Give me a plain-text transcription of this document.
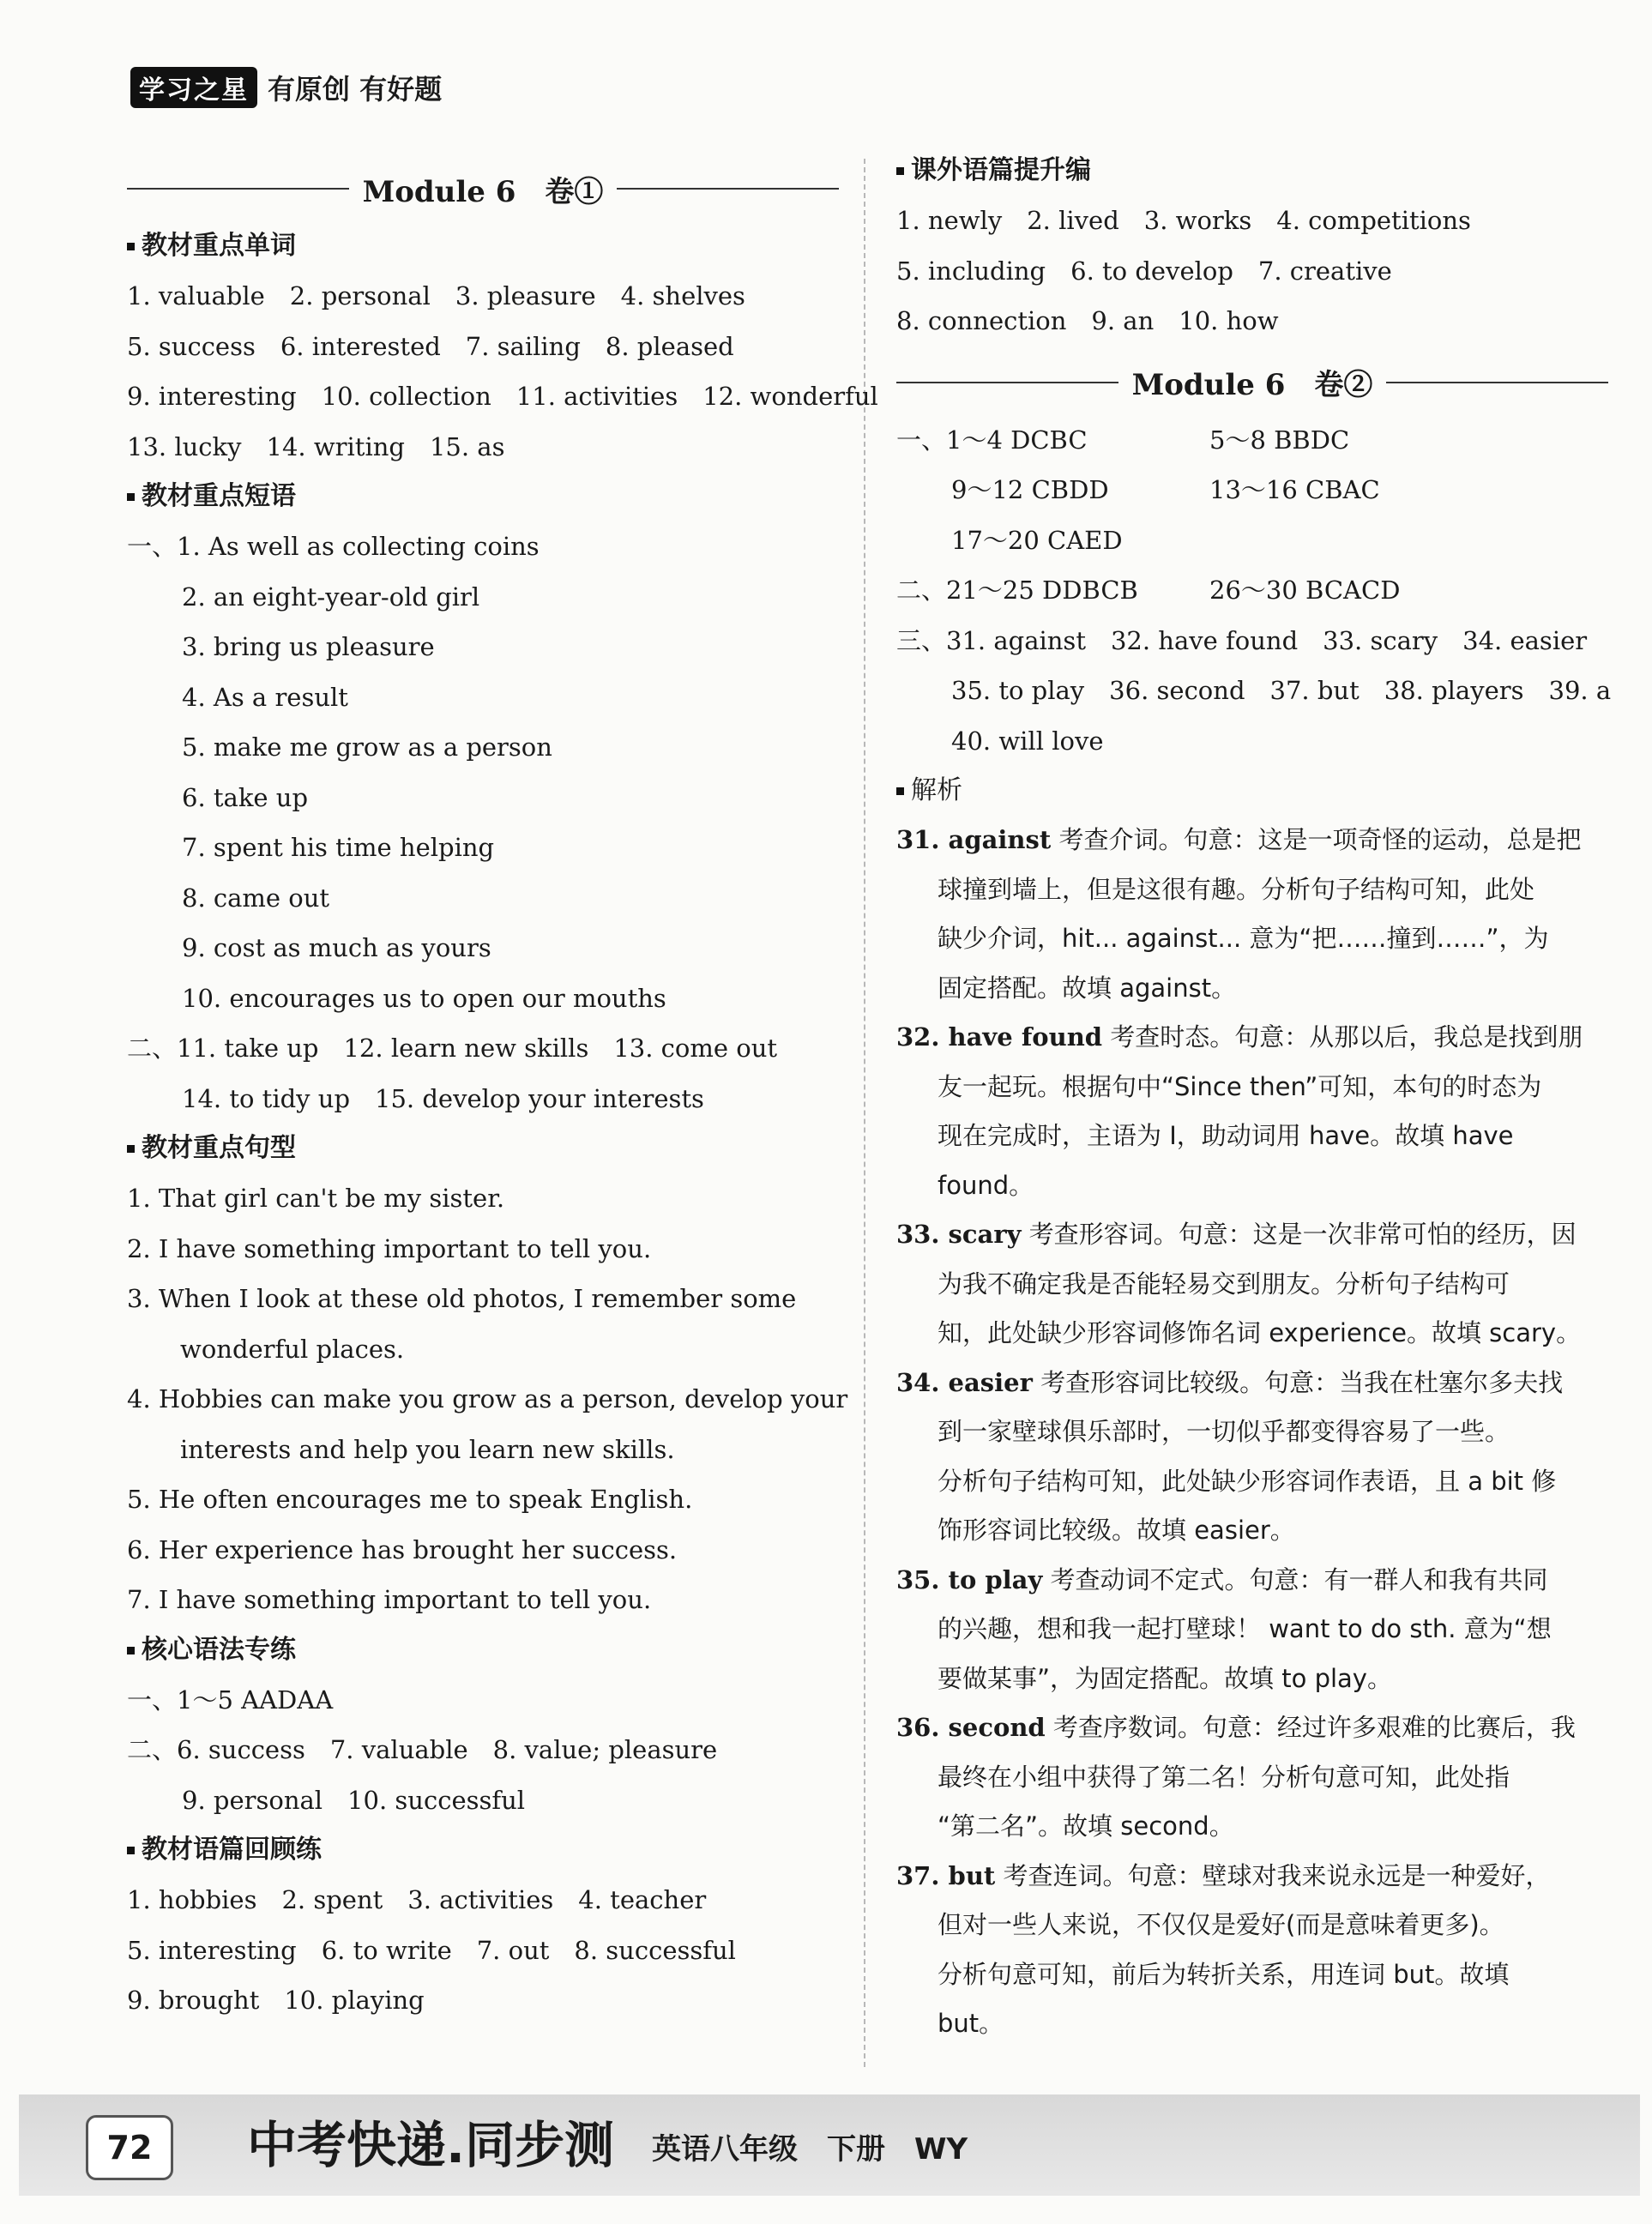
学习之星 有原创 有好题
Module 6　卷①
教材重点单词
1. valuable　2. personal　3. pleasure　4. shelves
5. success　6. interested　7. sailing　8. pleased
9. interesting　10. collection　11. activities　12. wonderful
13. lucky　14. writing　15. as
教材重点短语
一、1. As well as collecting coins
2. an eight-year-old girl
3. bring us pleasure
4. As a result
5. make me grow as a person
6. take up
7. spent his time helping
8. came out
9. cost as much as yours
10. encourages us to open our mouths
二、11. take up　12. learn new skills　13. come out
14. to tidy up　15. develop your interests
教材重点句型
1. That girl can't be my sister.
2. I have something important to tell you.
3. When I look at these old photos, I remember some
wonderful places.
4. Hobbies can make you grow as a person, develop your
interests and help you learn new skills.
5. He often encourages me to speak English.
6. Her experience has brought her success.
7. I have something important to tell you.
核心语法专练
一、1～5 AADAA
二、6. success　7. valuable　8. value; pleasure
9. personal　10. successful
教材语篇回顾练
1. hobbies　2. spent　3. activities　4. teacher
5. interesting　6. to write　7. out　8. successful
9. brought　10. playing
课外语篇提升编
1. newly　2. lived　3. works　4. competitions
5. including　6. to develop　7. creative
8. connection　9. an　10. how
Module 6　卷②
一、1～4 DCBC	5～8 BBDC
9～12 CBDD	13～16 CBAC
17～20 CAED
二、21～25 DDBCB	26～30 BCACD
三、31. against　32. have found　33. scary　34. easier
35. to play　36. second　37. but　38. players　39. a
40. will love
解析
31. against 考查介词。句意：这是一项奇怪的运动，总是把
球撞到墙上，但是这很有趣。分析句子结构可知，此处
缺少介词，hit... against... 意为“把……撞到……”，为
固定搭配。故填 against。
32. have found 考查时态。句意：从那以后，我总是找到朋
友一起玩。根据句中“Since then”可知，本句的时态为
现在完成时，主语为 I，助动词用 have。故填 have
found。
33. scary 考查形容词。句意：这是一次非常可怕的经历，因
为我不确定我是否能轻易交到朋友。分析句子结构可
知，此处缺少形容词修饰名词 experience。故填 scary。
34. easier 考查形容词比较级。句意：当我在杜塞尔多夫找
到一家壁球俱乐部时，一切似乎都变得容易了一些。
分析句子结构可知，此处缺少形容词作表语，且 a bit 修
饰形容词比较级。故填 easier。
35. to play 考查动词不定式。句意：有一群人和我有共同
的兴趣，想和我一起打壁球！ want to do sth. 意为“想
要做某事”，为固定搭配。故填 to play。
36. second 考查序数词。句意：经过许多艰难的比赛后，我
最终在小组中获得了第二名！分析句意可知，此处指
“第二名”。故填 second。
37. but 考查连词。句意：壁球对我来说永远是一种爱好，
但对一些人来说，不仅仅是爱好(而是意味着更多)。
分析句意可知，前后为转折关系，用连词 but。故填
but。
72	中考快递.同步测 英语八年级　下册　WY
